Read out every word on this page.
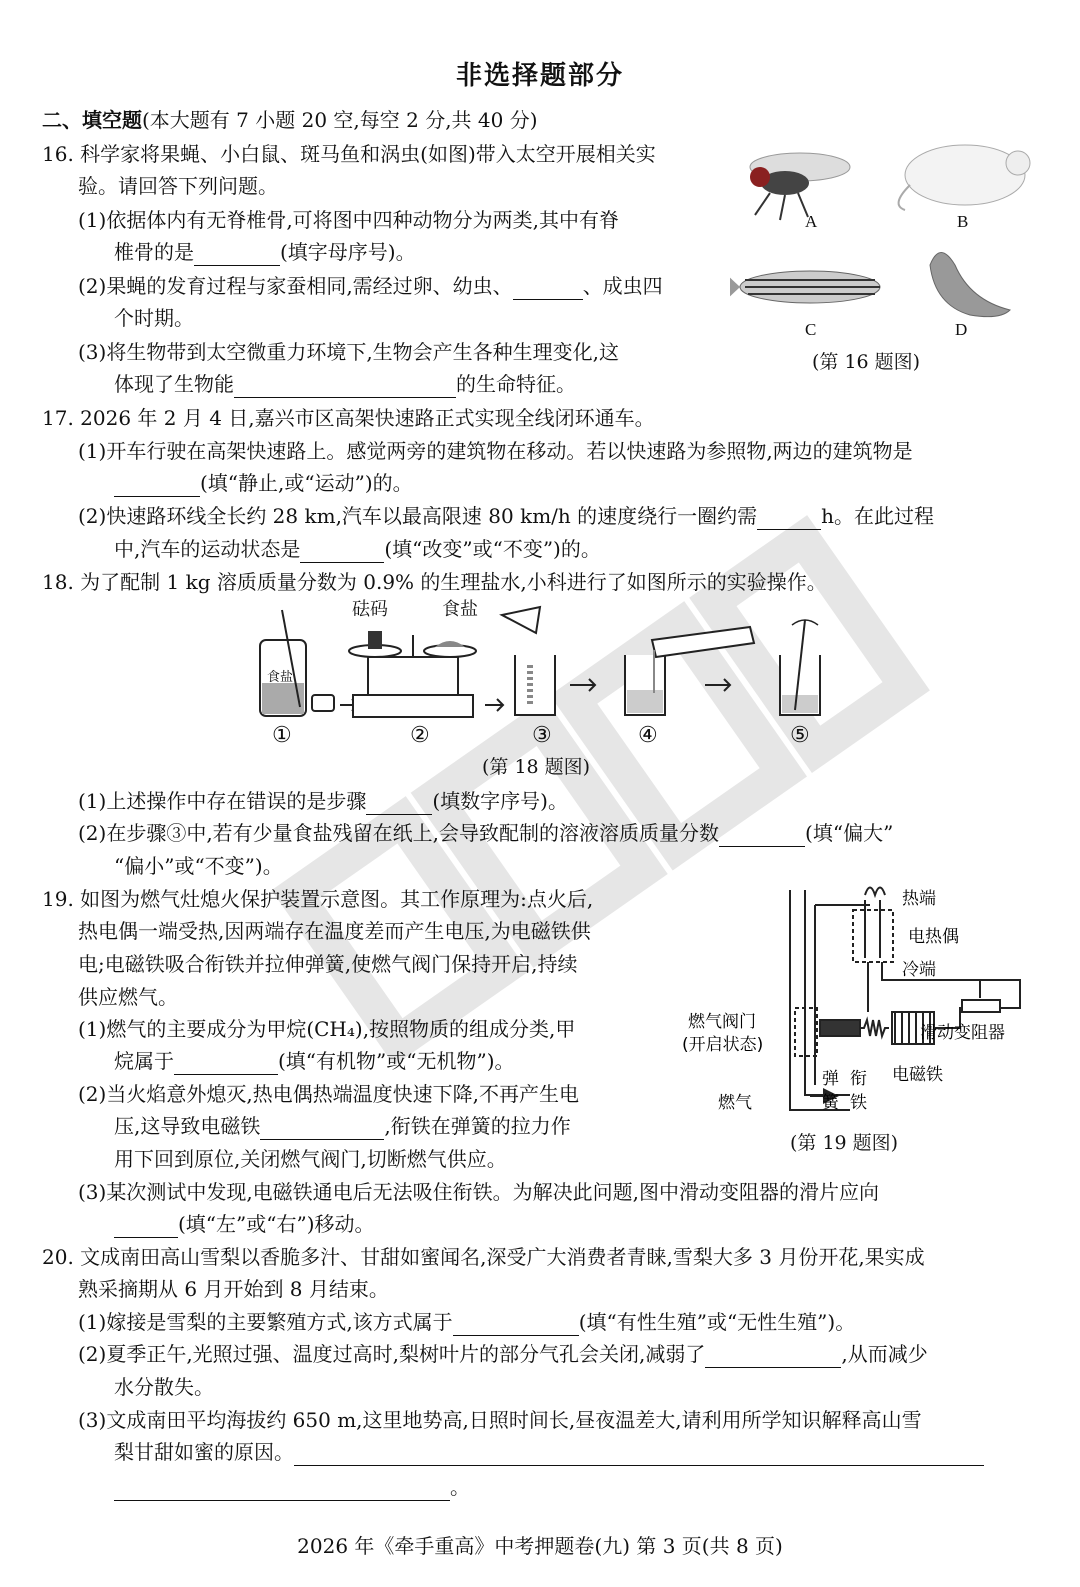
非选择题部分
二、填空题(本大题有 7 小题 20 空,每空 2 分,共 40 分)
16. 科学家将果蝇、小白鼠、斑马鱼和涡虫(如图)带入太空开展相关实
验。请回答下列问题。
(1)依据体内有无脊椎骨,可将图中四种动物分为两类,其中有脊
椎骨的是	(填字母序号)。
(2)果蝇的发育过程与家蚕相同,需经过卵、幼虫、	、成虫四
个时期。
(3)将生物带到太空微重力环境下,生物会产生各种生理变化,这
体现了生物能	的生命特征。
A	B
C	D
(第 16 题图)
17. 2026 年 2 月 4 日,嘉兴市区高架快速路正式实现全线闭环通车。
(1)开车行驶在高架快速路上。感觉两旁的建筑物在移动。若以快速路为参照物,两边的建筑物是
(填“静止,或“运动”)的。
(2)快速路环线全长约 28 km,汽车以最高限速 80 km/h 的速度绕行一圈约需	h。在此过程
中,汽车的运动状态是	(填“改变”或“不变”)的。
18. 为了配制 1 kg 溶质质量分数为 0.9% 的生理盐水,小科进行了如图所示的实验操作。
食盐
砝码	食盐
①	②	③	④	⑤
(第 18 题图)
(1)上述操作中存在错误的是步骤	(填数字序号)。
(2)在步骤③中,若有少量食盐残留在纸上,会导致配制的溶液溶质质量分数	(填“偏大”
“偏小”或“不变”)。
19. 如图为燃气灶熄火保护装置示意图。其工作原理为:点火后,
热电偶一端受热,因两端存在温度差而产生电压,为电磁铁供
电;电磁铁吸合衔铁并拉伸弹簧,使燃气阀门保持开启,持续
供应燃气。
(1)燃气的主要成分为甲烷(CH₄),按照物质的组成分类,甲
烷属于	(填“有机物”或“无机物”)。
(2)当火焰意外熄灭,热电偶热端温度快速下降,不再产生电
压,这导致电磁铁	,衔铁在弹簧的拉力作
用下回到原位,关闭燃气阀门,切断燃气供应。
(3)某次测试中发现,电磁铁通电后无法吸住衔铁。为解决此问题,图中滑动变阻器的滑片应向
(填“左”或“右”)移动。
热端
电热偶
冷端
燃气阀门
(开启状态)
滑动变阻器
弹
簧
衔
铁
电磁铁
燃气
(第 19 题图)
20. 文成南田高山雪梨以香脆多汁、甘甜如蜜闻名,深受广大消费者青睐,雪梨大多 3 月份开花,果实成
熟采摘期从 6 月开始到 8 月结束。
(1)嫁接是雪梨的主要繁殖方式,该方式属于	(填“有性生殖”或“无性生殖”)。
(2)夏季正午,光照过强、温度过高时,梨树叶片的部分气孔会关闭,减弱了	,从而减少
水分散失。
(3)文成南田平均海拔约 650 m,这里地势高,日照时间长,昼夜温差大,请利用所学知识解释高山雪
梨甘甜如蜜的原因。
。
2026 年《牵手重高》中考押题卷(九) 第 3 页(共 8 页)
